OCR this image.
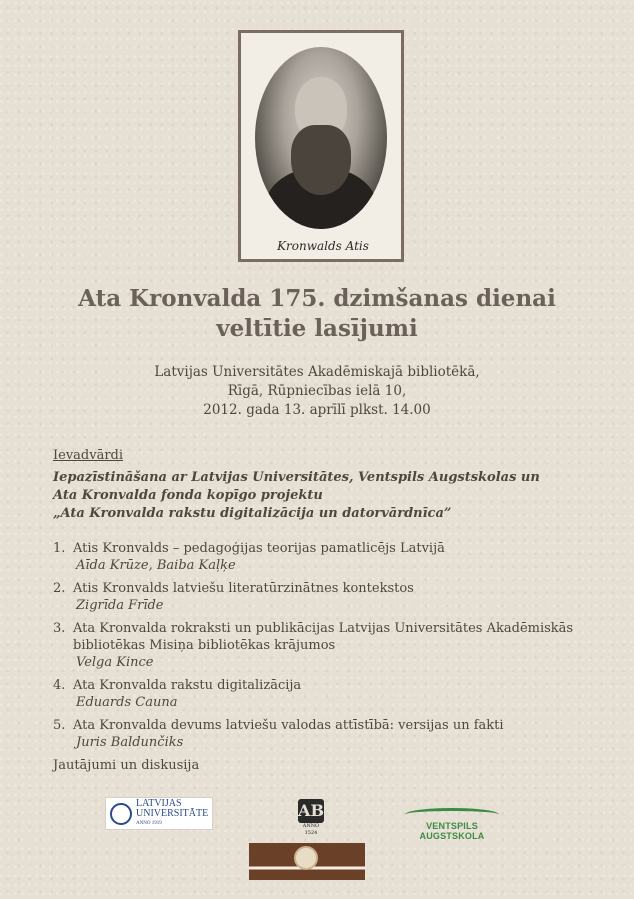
Kronwalds Atis
Ata Kronvalda 175. dzimšanas dienai
veltītie lasījumi
Latvijas Universitātes Akadēmiskajā bibliotēkā,
Rīgā, Rūpniecības ielā 10,
2012. gada 13. aprīlī plkst. 14.00

Ievadvārdi

Iepazīstināšana ar Latvijas Universitātes, Ventspils Augstskolas un
Ata Kronvalda fonda kopīgo projektu
„Ata Kronvalda rakstu digitalizācija un datorvārdnīca”

1. Atis Kronvalds – pedagoģijas teorijas pamatlicējs Latvijā
Aīda Krūze, Baiba Kaļķe
2. Atis Kronvalds latviešu literatūrzinātnes kontekstos
Zigrīda Frīde
3. Ata Kronvalda rokraksti un publikācijas Latvijas Universitātes Akadēmiskās bibliotēkas Misiņa bibliotēkas krājumos
Velga Kince
4. Ata Kronvalda rakstu digitalizācija
Eduards Cauna
5. Ata Kronvalda devums latviešu valodas attīstībā: versijas un fakti
Juris Baldunčiks

Jautājumi un diskusija

LATVIJAS
UNIVERSITĀTE
ANNO 1919
AB
ANNO 1524
VENTSPILS AUGSTSKOLA
